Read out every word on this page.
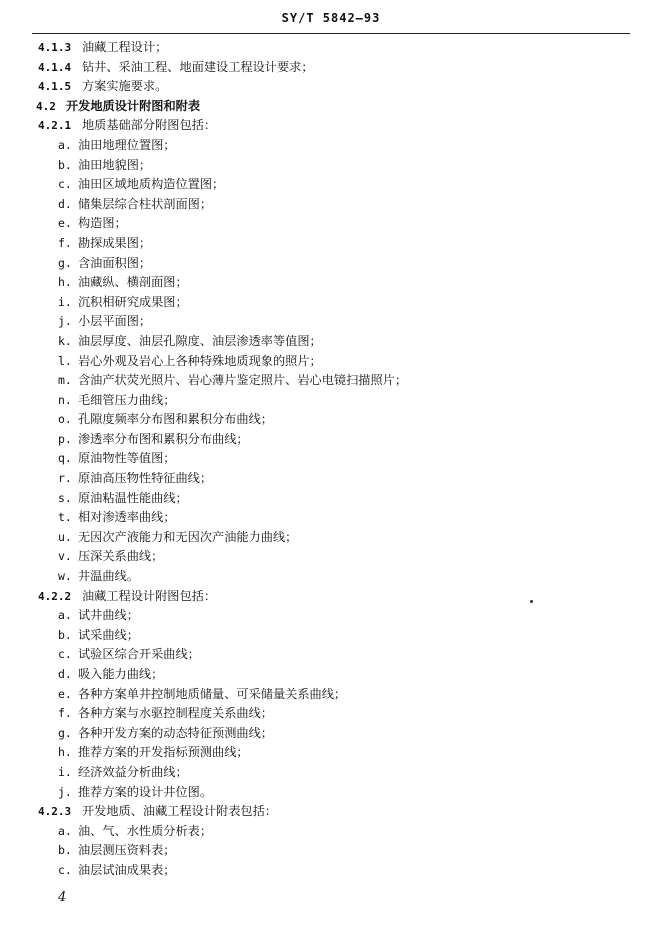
SY/T 5842—93
4.1.3 油藏工程设计；
4.1.4 钻井、采油工程、地面建设工程设计要求；
4.1.5 方案实施要求。
4.2 开发地质设计附图和附表
4.2.1 地质基础部分附图包括：
a. 油田地理位置图；
b. 油田地貌图；
c. 油田区域地质构造位置图；
d. 储集层综合柱状剖面图；
e. 构造图；
f. 勘探成果图；
g. 含油面积图；
h. 油藏纵、横剖面图；
i. 沉积相研究成果图；
j. 小层平面图；
k. 油层厚度、油层孔隙度、油层渗透率等值图；
l. 岩心外观及岩心上各种特殊地质现象的照片；
m. 含油产状荧光照片、岩心薄片鉴定照片、岩心电镜扫描照片；
n. 毛细管压力曲线；
o. 孔隙度频率分布图和累积分布曲线；
p. 渗透率分布图和累积分布曲线；
q. 原油物性等值图；
r. 原油高压物性特征曲线；
s. 原油粘温性能曲线；
t. 相对渗透率曲线；
u. 无因次产液能力和无因次产油能力曲线；
v. 压深关系曲线；
w. 井温曲线。
4.2.2 油藏工程设计附图包括：
a. 试井曲线；
b. 试采曲线；
c. 试验区综合开采曲线；
d. 吸入能力曲线；
e. 各种方案单井控制地质储量、可采储量关系曲线；
f. 各种方案与水驱控制程度关系曲线；
g. 各种开发方案的动态特征预测曲线；
h. 推荐方案的开发指标预测曲线；
i. 经济效益分析曲线；
j. 推荐方案的设计井位图。
4.2.3 开发地质、油藏工程设计附表包括：
a. 油、气、水性质分析表；
b. 油层测压资料表；
c. 油层试油成果表；
4
